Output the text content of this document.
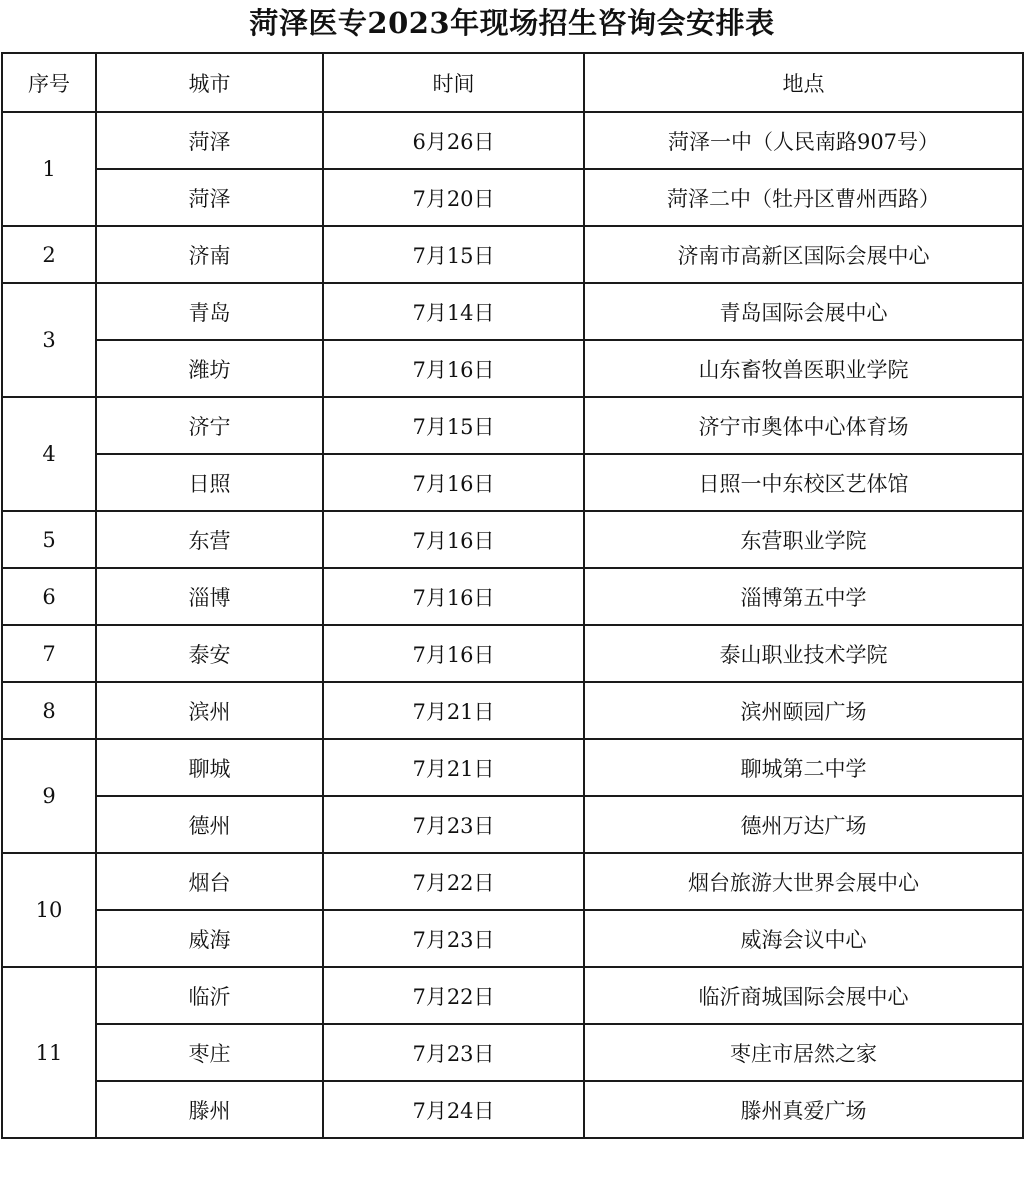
菏泽医专2023年现场招生咨询会安排表
序号	城市	时间	地点
1	菏泽	6月26日	菏泽一中（人民南路907号）
	菏泽	7月20日	菏泽二中（牡丹区曹州西路）
2	济南	7月15日	济南市高新区国际会展中心
3	青岛	7月14日	青岛国际会展中心
	潍坊	7月16日	山东畜牧兽医职业学院
4	济宁	7月15日	济宁市奥体中心体育场
	日照	7月16日	日照一中东校区艺体馆
5	东营	7月16日	东营职业学院
6	淄博	7月16日	淄博第五中学
7	泰安	7月16日	泰山职业技术学院
8	滨州	7月21日	滨州颐园广场
9	聊城	7月21日	聊城第二中学
	德州	7月23日	德州万达广场
10	烟台	7月22日	烟台旅游大世界会展中心
	威海	7月23日	威海会议中心
11	临沂	7月22日	临沂商城国际会展中心
	枣庄	7月23日	枣庄市居然之家
	滕州	7月24日	滕州真爱广场
